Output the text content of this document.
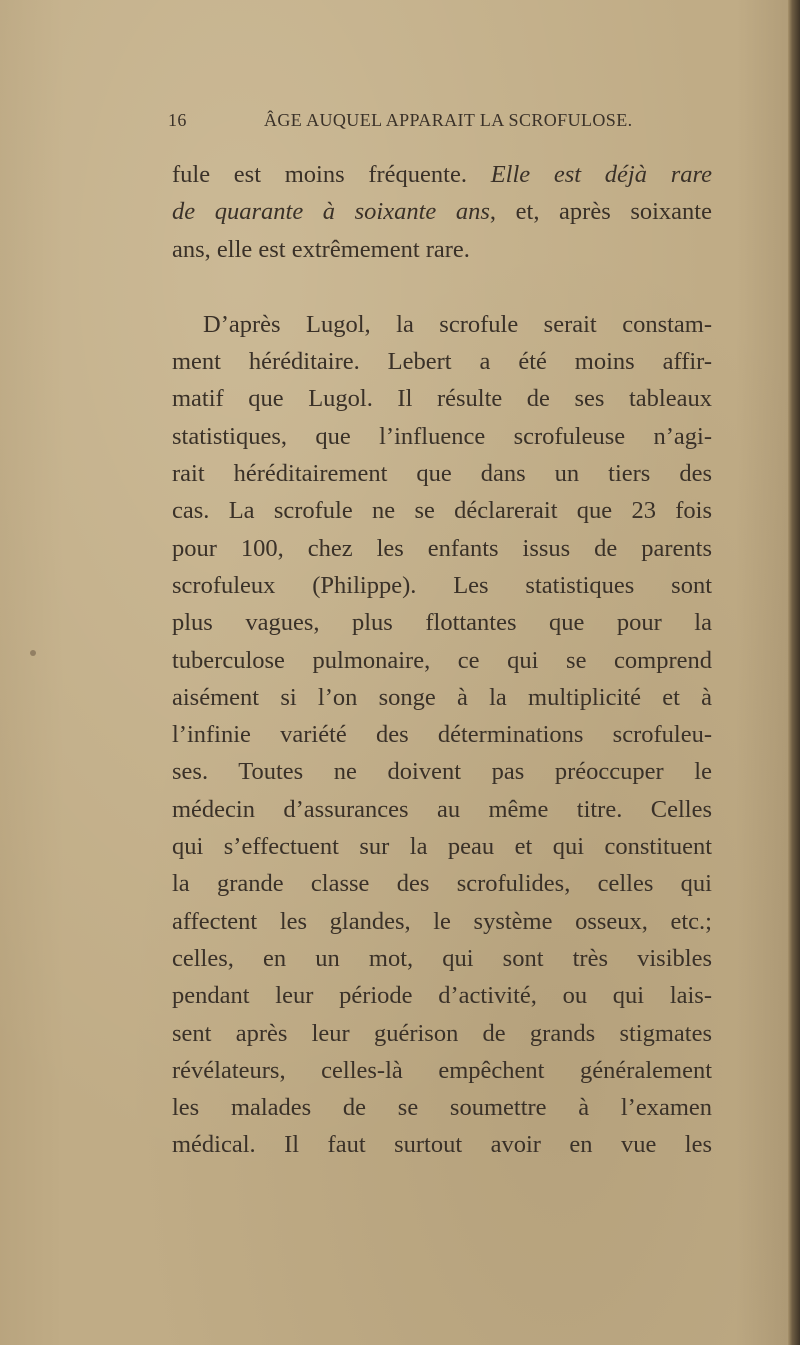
16	ÂGE AUQUEL APPARAIT LA SCROFULOSE.
fule est moins fréquente. Elle est déjà rare
de quarante à soixante ans, et, après soixante
ans, elle est extrêmement rare.
D’après Lugol, la scrofule serait constam-
ment héréditaire. Lebert a été moins affir-
matif que Lugol. Il résulte de ses tableaux
statistiques, que l’influence scrofuleuse n’agi-
rait héréditairement que dans un tiers des
cas. La scrofule ne se déclarerait que 23 fois
pour 100, chez les enfants issus de parents
scrofuleux (Philippe). Les statistiques sont
plus vagues, plus flottantes que pour la
tuberculose pulmonaire, ce qui se comprend
aisément si l’on songe à la multiplicité et à
l’infinie variété des déterminations scrofuleu-
ses. Toutes ne doivent pas préoccuper le
médecin d’assurances au même titre. Celles
qui s’effectuent sur la peau et qui constituent
la grande classe des scrofulides, celles qui
affectent les glandes, le système osseux, etc.;
celles, en un mot, qui sont très visibles
pendant leur période d’activité, ou qui lais-
sent après leur guérison de grands stigmates
révélateurs, celles-là empêchent généralement
les malades de se soumettre à l’examen
médical. Il faut surtout avoir en vue les
